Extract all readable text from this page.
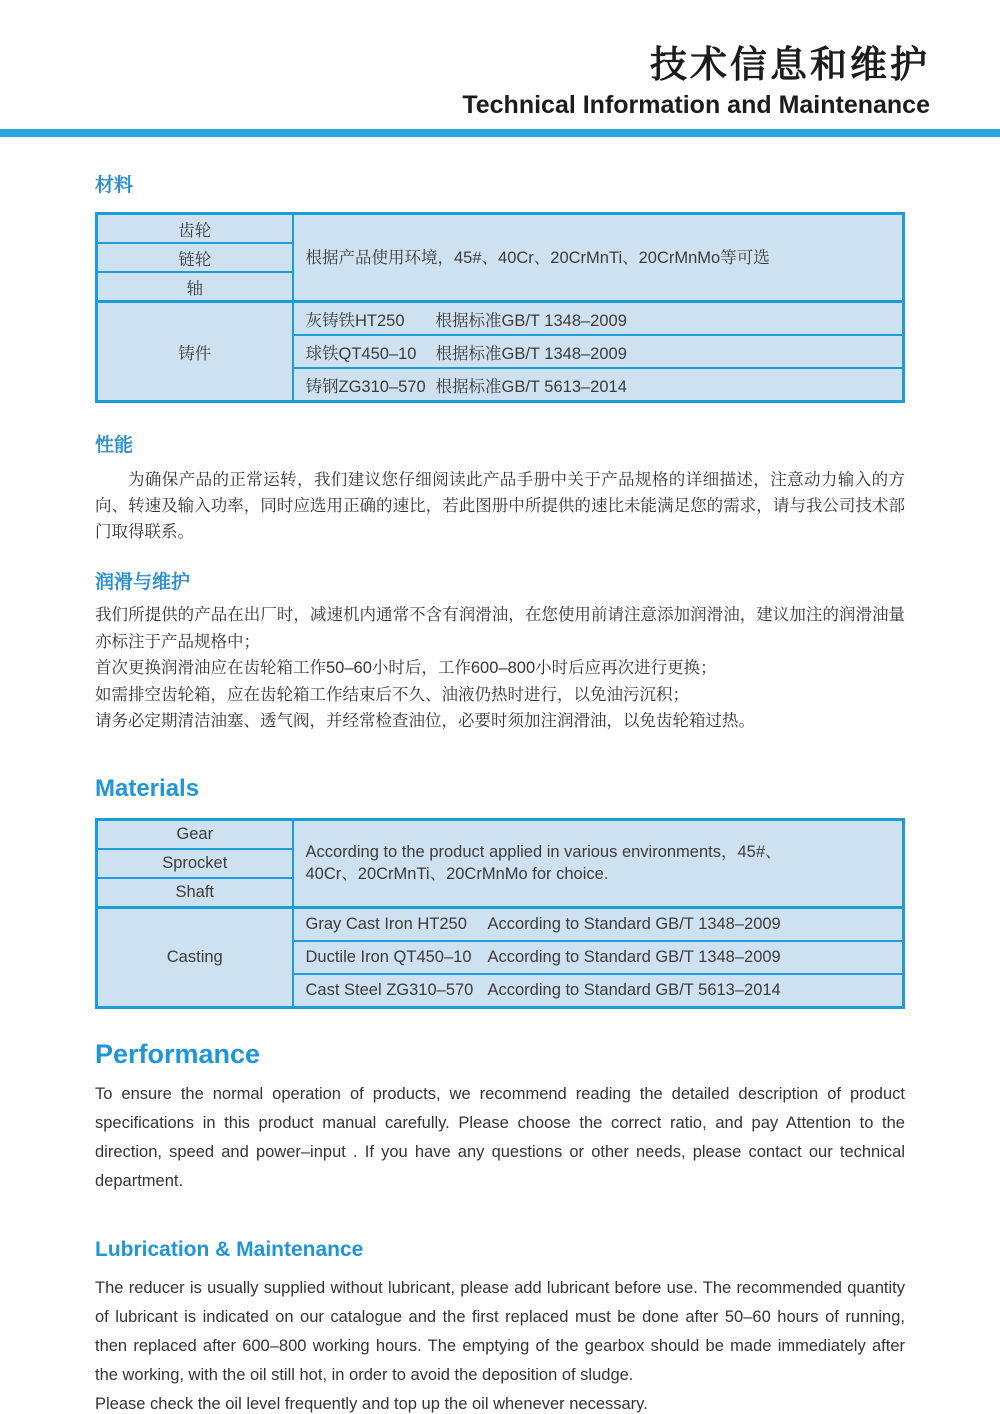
技术信息和维护
Technical Information and Maintenance
材料
齿轮	根据产品使用环境，45#、40Cr、20CrMnTi、20CrMnMo等可选
链轮	
轴	
铸件	灰铸铁HT250 根据标准GB/T 1348–2009
	球铁QT450–10 根据标准GB/T 1348–2009
	铸钢ZG310–570 根据标准GB/T 5613–2014
性能
为确保产品的正常运转，我们建议您仔细阅读此产品手册中关于产品规格的详细描述，注意动力输入的方向、转速及输入功率，同时应选用正确的速比，若此图册中所提供的速比未能满足您的需求，请与我公司技术部门取得联系。
润滑与维护
我们所提供的产品在出厂时，减速机内通常不含有润滑油，在您使用前请注意添加润滑油，建议加注的润滑油量亦标注于产品规格中；
首次更换润滑油应在齿轮箱工作50–60小时后，工作600–800小时后应再次进行更换；
如需排空齿轮箱，应在齿轮箱工作结束后不久、油液仍热时进行，以免油污沉积；
请务必定期清洁油塞、透气阀，并经常检查油位，必要时须加注润滑油，以免齿轮箱过热。
Materials
Gear	According to the product applied in various environments，45#、
40Cr、20CrMnTi、20CrMnMo for choice.

Sprocket	
Shaft	
Casting	Gray Cast Iron HT250 According to Standard GB/T 1348–2009
	Ductile Iron QT450–10 According to Standard GB/T 1348–2009
	Cast Steel ZG310–570 According to Standard GB/T 5613–2014
Performance
To ensure the normal operation of products, we recommend reading the detailed description of product specifications in this product manual carefully. Please choose the correct ratio, and pay Attention to the direction, speed and power–input . If you have any questions or other needs, please contact our technical department.
Lubrication & Maintenance
The reducer is usually supplied without lubricant, please add lubricant before use. The recommended quantity of lubricant is indicated on our catalogue and the first replaced must be done after 50–60 hours of running, then replaced after 600–800 working hours. The emptying of the gearbox should be made immediately after the working, with the oil still hot, in order to avoid the deposition of sludge.
Please check the oil level frequently and top up the oil whenever necessary.
